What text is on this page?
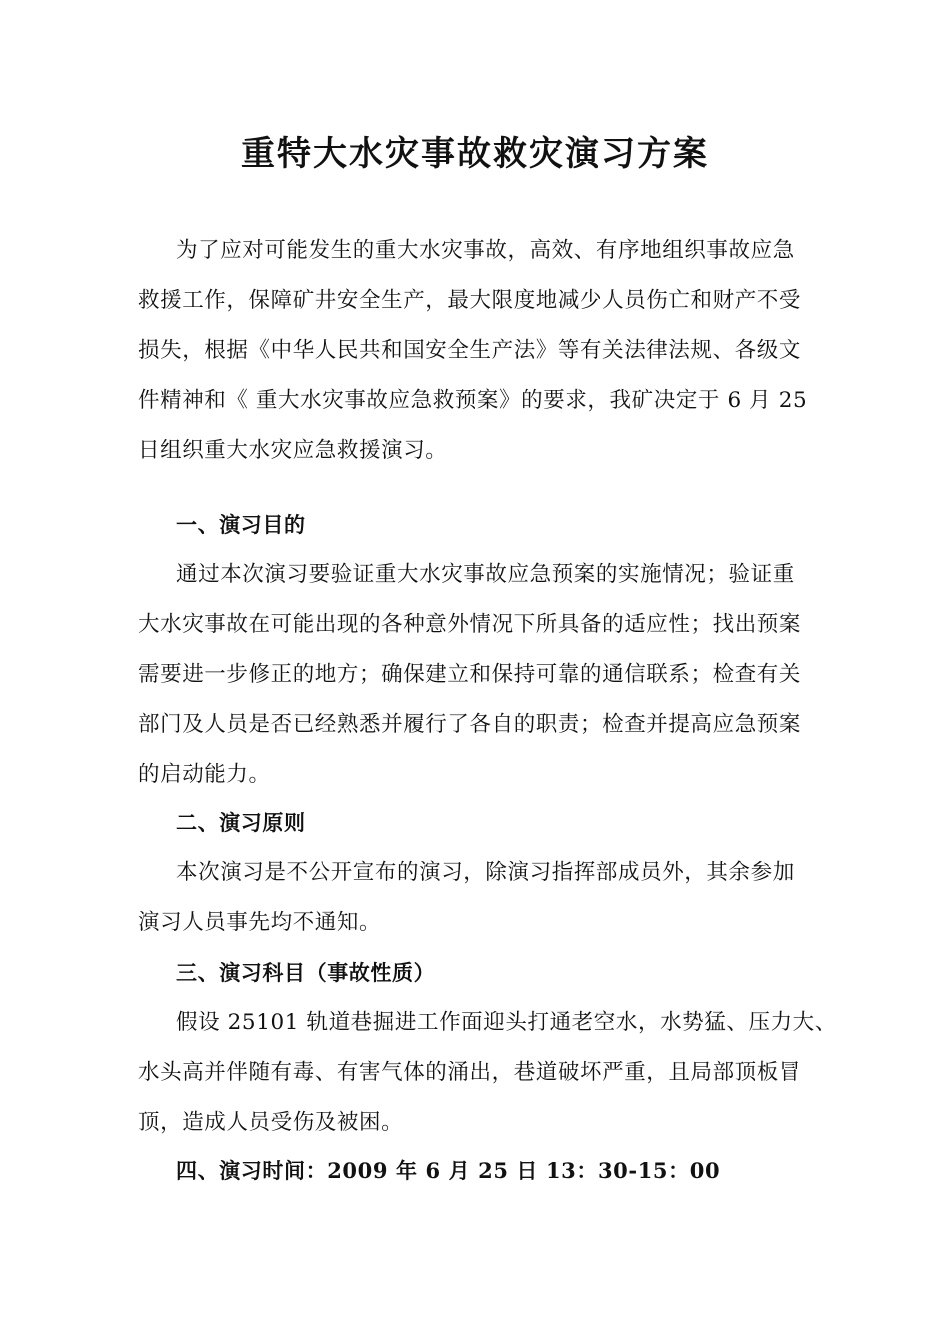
重特大水灾事故救灾演习方案
为了应对可能发生的重大水灾事故，高效、有序地组织事故应急
救援工作，保障矿井安全生产，最大限度地减少人员伤亡和财产不受
损失，根据《中华人民共和国安全生产法》等有关法律法规、各级文
件精神和《 重大水灾事故应急救预案》的要求，我矿决定于 6 月 25
日组织重大水灾应急救援演习。
一、演习目的
通过本次演习要验证重大水灾事故应急预案的实施情况；验证重
大水灾事故在可能出现的各种意外情况下所具备的适应性；找出预案
需要进一步修正的地方；确保建立和保持可靠的通信联系；检查有关
部门及人员是否已经熟悉并履行了各自的职责；检查并提高应急预案
的启动能力。
二、演习原则
本次演习是不公开宣布的演习，除演习指挥部成员外，其余参加
演习人员事先均不通知。
三、演习科目（事故性质）
假设 25101 轨道巷掘进工作面迎头打通老空水，水势猛、压力大、
水头高并伴随有毒、有害气体的涌出，巷道破坏严重，且局部顶板冒
顶，造成人员受伤及被困。
四、演习时间：2009 年 6 月 25 日 13：30-15：00
